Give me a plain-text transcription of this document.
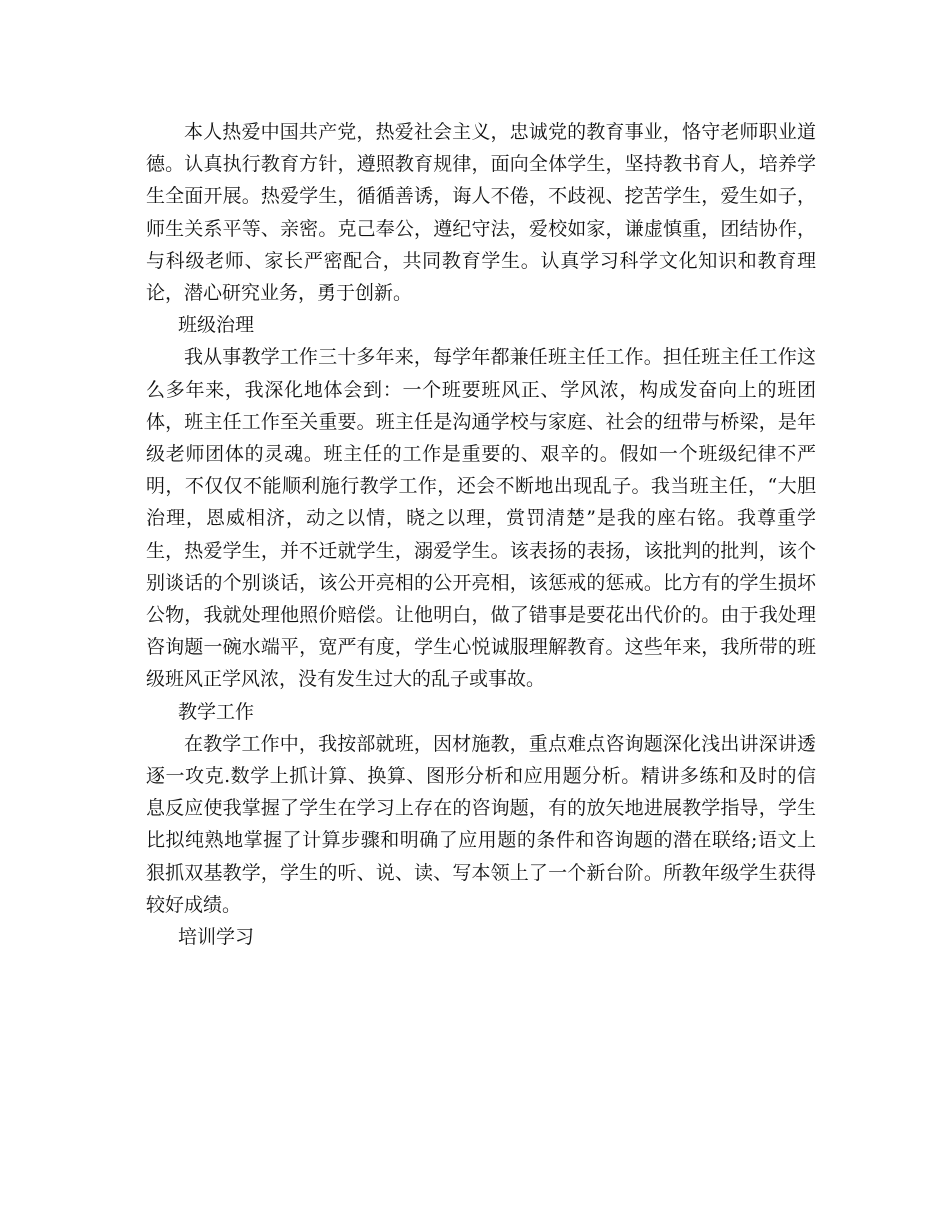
本人热爱中国共产党，热爱社会主义，忠诚党的教育事业，恪守老师职业道德。认真执行教育方针，遵照教育规律，面向全体学生，坚持教书育人，培养学生全面开展。热爱学生，循循善诱，诲人不倦，不歧视、挖苦学生，爱生如子，师生关系平等、亲密。克己奉公，遵纪守法，爱校如家，谦虚慎重，团结协作，与科级老师、家长严密配合，共同教育学生。认真学习科学文化知识和教育理论，潜心研究业务，勇于创新。

班级治理

我从事教学工作三十多年来，每学年都兼任班主任工作。担任班主任工作这么多年来，我深化地体会到：一个班要班风正、学风浓，构成发奋向上的班团体，班主任工作至关重要。班主任是沟通学校与家庭、社会的纽带与桥梁，是年级老师团体的灵魂。班主任的工作是重要的、艰辛的。假如一个班级纪律不严明，不仅仅不能顺利施行教学工作，还会不断地出现乱子。我当班主任，“大胆治理，恩威相济，动之以情，晓之以理，赏罚清楚”是我的座右铭。我尊重学生，热爱学生，并不迁就学生，溺爱学生。该表扬的表扬，该批判的批判，该个别谈话的个别谈话，该公开亮相的公开亮相，该惩戒的惩戒。比方有的学生损坏公物，我就处理他照价赔偿。让他明白，做了错事是要花出代价的。由于我处理咨询题一碗水端平，宽严有度，学生心悦诚服理解教育。这些年来，我所带的班级班风正学风浓，没有发生过大的乱子或事故。

教学工作

在教学工作中，我按部就班，因材施教，重点难点咨询题深化浅出讲深讲透逐一攻克.数学上抓计算、换算、图形分析和应用题分析。精讲多练和及时的信息反应使我掌握了学生在学习上存在的咨询题，有的放矢地进展教学指导，学生比拟纯熟地掌握了计算步骤和明确了应用题的条件和咨询题的潜在联络;语文上狠抓双基教学，学生的听、说、读、写本领上了一个新台阶。所教年级学生获得较好成绩。

培训学习
